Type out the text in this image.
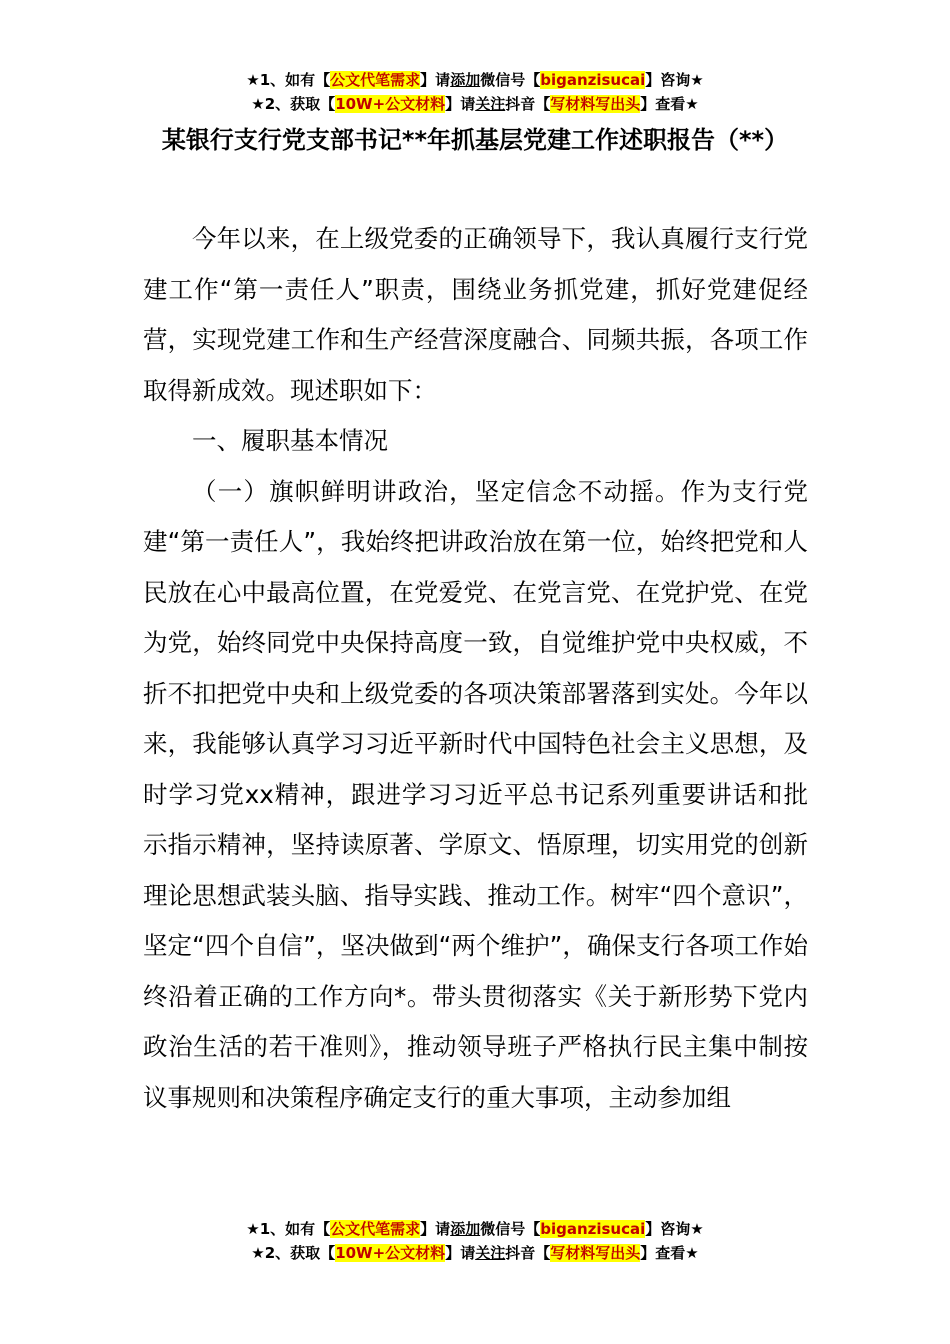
★1、如有【公文代笔需求】请添加微信号【biganzisucai】咨询★
★2、获取【10W+公文材料】请关注抖音【写材料写出头】查看★
某银行支行党支部书记**年抓基层党建工作述职报告（**）

今年以来，在上级党委的正确领导下，我认真履行支行党建工作“第一责任人”职责，围绕业务抓党建，抓好党建促经营，实现党建工作和生产经营深度融合、同频共振，各项工作取得新成效。现述职如下：

一、履职基本情况

（一）旗帜鲜明讲政治，坚定信念不动摇。作为支行党建“第一责任人”，我始终把讲政治放在第一位，始终把党和人民放在心中最高位置，在党爱党、在党言党、在党护党、在党为党，始终同党中央保持高度一致，自觉维护党中央权威，不折不扣把党中央和上级党委的各项决策部署落到实处。今年以来，我能够认真学习习近平新时代中国特色社会主义思想，及时学习党xx精神，跟进学习习近平总书记系列重要讲话和批示指示精神，坚持读原著、学原文、悟原理，切实用党的创新理论思想武装头脑、指导实践、推动工作。树牢“四个意识”，坚定“四个自信”，坚决做到“两个维护”，确保支行各项工作始终沿着正确的工作方向*。带头贯彻落实《关于新形势下党内政治生活的若干准则》，推动领导班子严格执行民主集中制按议事规则和决策程序确定支行的重大事项，主动参加组

★1、如有【公文代笔需求】请添加微信号【biganzisucai】咨询★
★2、获取【10W+公文材料】请关注抖音【写材料写出头】查看★
